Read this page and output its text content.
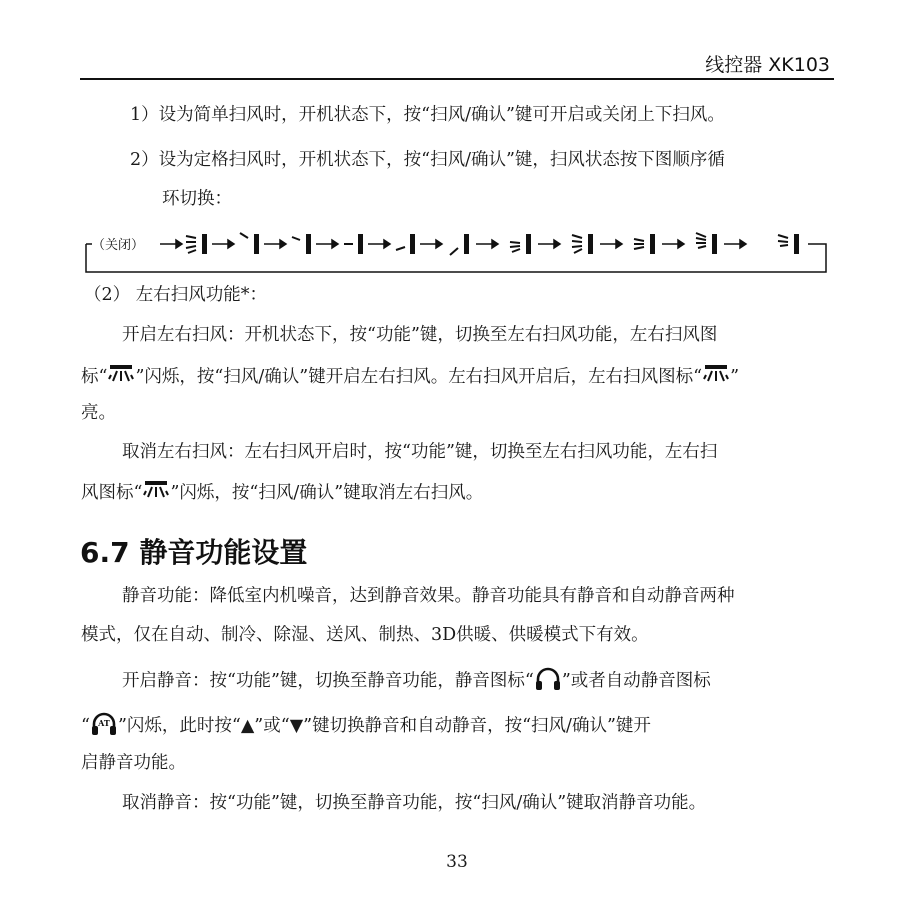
线控器 XK103
1）设为简单扫风时，开机状态下，按“扫风/确认”键可开启或关闭上下扫风。
2）设为定格扫风时，开机状态下，按“扫风/确认”键，扫风状态按下图顺序循
环切换：
（关闭）
（2） 左右扫风功能*：
开启左右扫风：开机状态下，按“功能”键，切换至左右扫风功能，左右扫风图
标“ ”闪烁，按“扫风/确认”键开启左右扫风。左右扫风开启后，左右扫风图标“ ”
亮。
取消左右扫风：左右扫风开启时，按“功能”键，切换至左右扫风功能，左右扫
风图标“ ”闪烁，按“扫风/确认”键取消左右扫风。
6.7 静音功能设置
静音功能：降低室内机噪音，达到静音效果。静音功能具有静音和自动静音两种
模式，仅在自动、制冷、除湿、送风、制热、3D供暖、供暖模式下有效。
开启静音：按“功能”键，切换至静音功能，静音图标“ ”或者自动静音图标
“ AT ”闪烁，此时按“▲”或“▼”键切换静音和自动静音，按“扫风/确认”键开
启静音功能。
取消静音：按“功能”键，切换至静音功能，按“扫风/确认”键取消静音功能。
33
